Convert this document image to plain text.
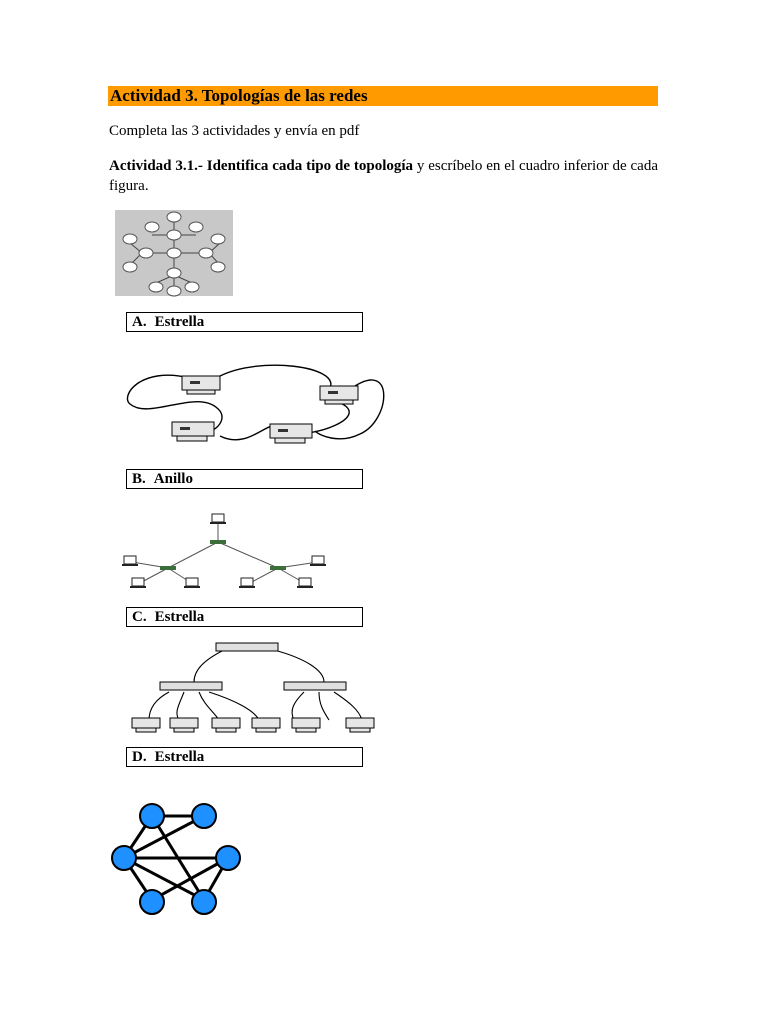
Actividad 3. Topologías de las redes
Completa las 3 actividades y envía en pdf
Actividad 3.1.- Identifica cada tipo de topología y escríbelo en el cuadro inferior de cada figura.
A. Estrella
B. Anillo
C. Estrella
D. Estrella
